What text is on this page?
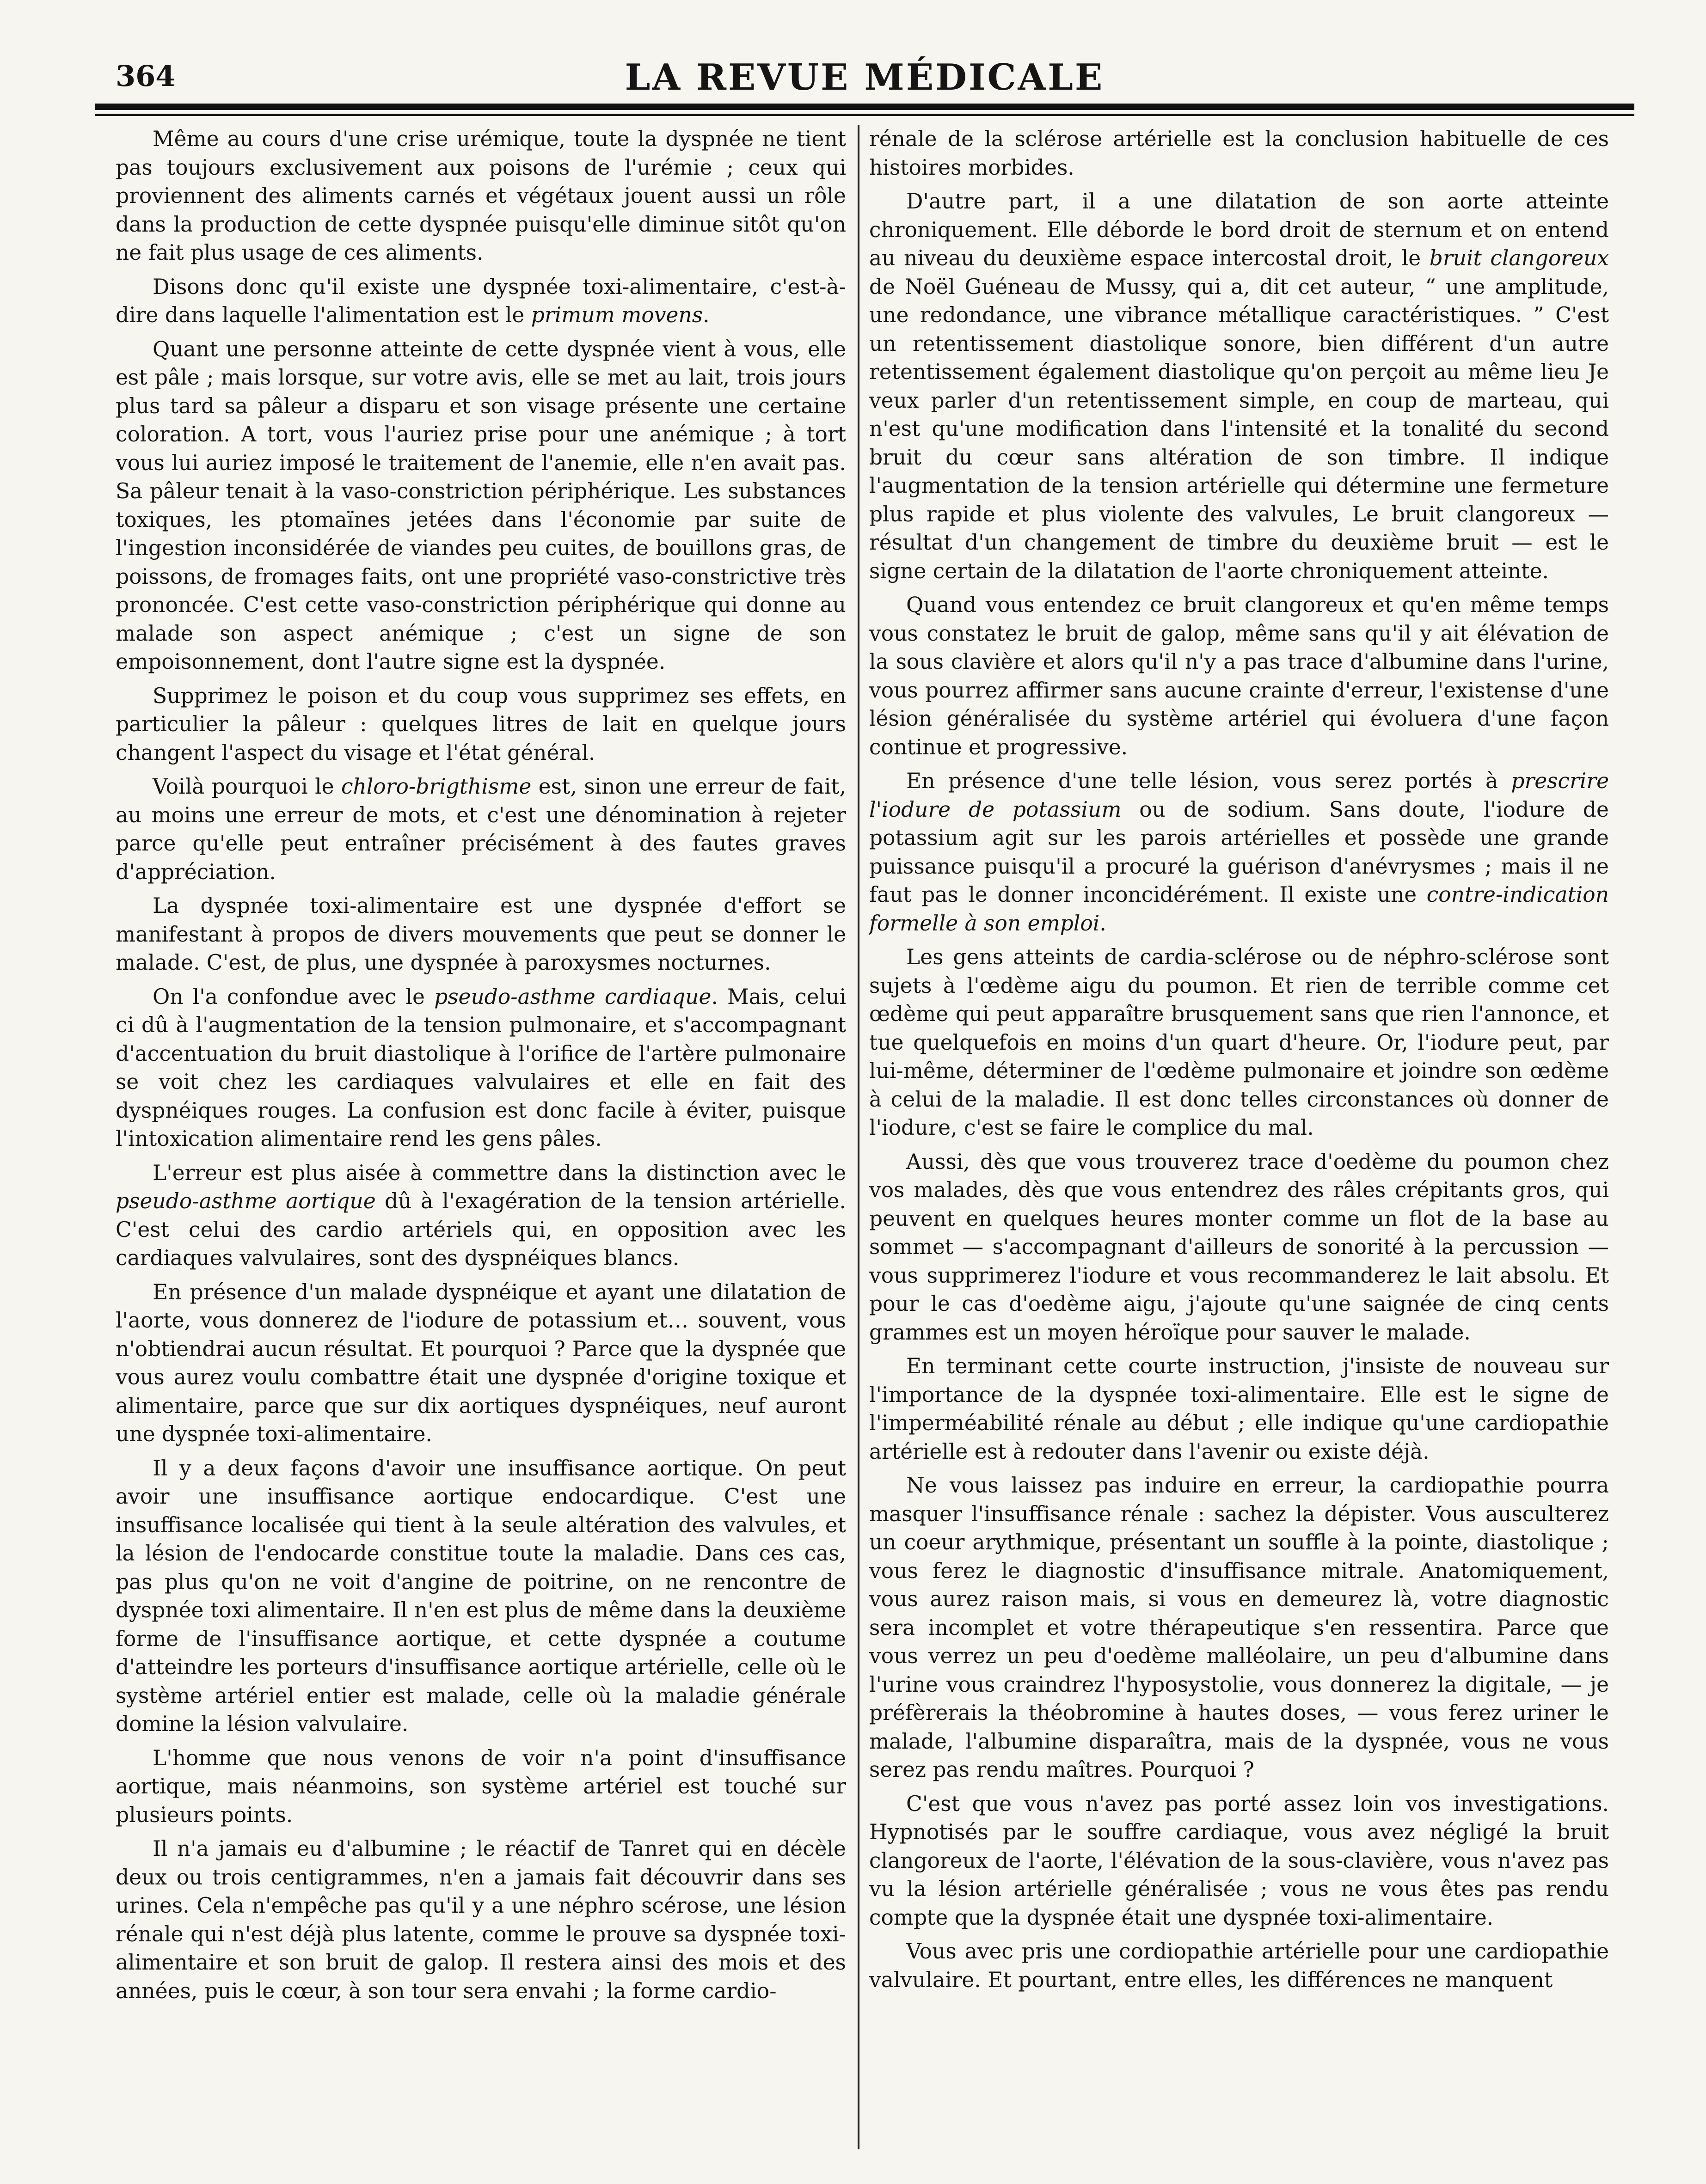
364	LA REVUE MÉDICALE

Même au cours d'une crise urémique, toute la dyspnée ne tient pas toujours exclusivement aux poisons de l'urémie ; ceux qui proviennent des aliments carnés et végétaux jouent aussi un rôle dans la production de cette dyspnée puisqu'elle diminue sitôt qu'on ne fait plus usage de ces aliments.

Disons donc qu'il existe une dyspnée toxi-alimentaire, c'est-à-dire dans laquelle l'alimentation est le primum movens.

Quant une personne atteinte de cette dyspnée vient à vous, elle est pâle ; mais lorsque, sur votre avis, elle se met au lait, trois jours plus tard sa pâleur a disparu et son visage présente une certaine coloration. A tort, vous l'auriez prise pour une anémique ; à tort vous lui auriez imposé le traitement de l'anemie, elle n'en avait pas. Sa pâleur tenait à la vaso-constriction périphérique. Les substances toxiques, les ptomaïnes jetées dans l'économie par suite de l'ingestion inconsidérée de viandes peu cuites, de bouillons gras, de poissons, de fromages faits, ont une propriété vaso-constrictive très prononcée. C'est cette vaso-constriction périphérique qui donne au malade son aspect anémique ; c'est un signe de son empoisonnement, dont l'autre signe est la dyspnée.

Supprimez le poison et du coup vous supprimez ses effets, en particulier la pâleur : quelques litres de lait en quelque jours changent l'aspect du visage et l'état général.

Voilà pourquoi le chloro-brigthisme est, sinon une erreur de fait, au moins une erreur de mots, et c'est une dénomination à rejeter parce qu'elle peut entraîner précisément à des fautes graves d'appréciation.

La dyspnée toxi-alimentaire est une dyspnée d'effort se manifestant à propos de divers mouvements que peut se donner le malade. C'est, de plus, une dyspnée à paroxysmes nocturnes.

On l'a confondue avec le pseudo-asthme cardiaque. Mais, celui ci dû à l'augmentation de la tension pulmonaire, et s'accompagnant d'accentuation du bruit diastolique à l'orifice de l'artère pulmonaire se voit chez les cardiaques valvulaires et elle en fait des dyspnéiques rouges. La confusion est donc facile à éviter, puisque l'intoxication alimentaire rend les gens pâles.

L'erreur est plus aisée à commettre dans la distinction avec le pseudo-asthme aortique dû à l'exagération de la tension artérielle. C'est celui des cardio artériels qui, en opposition avec les cardiaques valvulaires, sont des dyspnéiques blancs.

En présence d'un malade dyspnéique et ayant une dilatation de l'aorte, vous donnerez de l'iodure de potassium et… souvent, vous n'obtiendrai aucun résultat. Et pourquoi ? Parce que la dyspnée que vous aurez voulu combattre était une dyspnée d'origine toxique et alimentaire, parce que sur dix aortiques dyspnéiques, neuf auront une dyspnée toxi-alimentaire.

Il y a deux façons d'avoir une insuffisance aortique. On peut avoir une insuffisance aortique endocardique. C'est une insuffisance localisée qui tient à la seule altération des valvules, et la lésion de l'endocarde constitue toute la maladie. Dans ces cas, pas plus qu'on ne voit d'angine de poitrine, on ne rencontre de dyspnée toxi alimentaire. Il n'en est plus de même dans la deuxième forme de l'insuffisance aortique, et cette dyspnée a coutume d'atteindre les porteurs d'insuffisance aortique artérielle, celle où le système artériel entier est malade, celle où la maladie générale domine la lésion valvulaire.

L'homme que nous venons de voir n'a point d'insuffisance aortique, mais néanmoins, son système artériel est touché sur plusieurs points.

Il n'a jamais eu d'albumine ; le réactif de Tanret qui en décèle deux ou trois centigrammes, n'en a jamais fait découvrir dans ses urines. Cela n'empêche pas qu'il y a une néphro scérose, une lésion rénale qui n'est déjà plus latente, comme le prouve sa dyspnée toxi-alimentaire et son bruit de galop. Il restera ainsi des mois et des années, puis le cœur, à son tour sera envahi ; la forme cardio-

rénale de la sclérose artérielle est la conclusion habituelle de ces histoires morbides.

D'autre part, il a une dilatation de son aorte atteinte chroniquement. Elle déborde le bord droit de sternum et on entend au niveau du deuxième espace intercostal droit, le bruit clangoreux de Noël Guéneau de Mussy, qui a, dit cet auteur, “ une amplitude, une redondance, une vibrance métallique caractéristiques. ” C'est un retentissement diastolique sonore, bien différent d'un autre retentissement également diastolique qu'on perçoit au même lieu Je veux parler d'un retentissement simple, en coup de marteau, qui n'est qu'une modification dans l'intensité et la tonalité du second bruit du cœur sans altération de son timbre. Il indique l'augmentation de la tension artérielle qui détermine une fermeture plus rapide et plus violente des valvules, Le bruit clangoreux — résultat d'un changement de timbre du deuxième bruit — est le signe certain de la dilatation de l'aorte chroniquement atteinte.

Quand vous entendez ce bruit clangoreux et qu'en même temps vous constatez le bruit de galop, même sans qu'il y ait élévation de la sous clavière et alors qu'il n'y a pas trace d'albumine dans l'urine, vous pourrez affirmer sans aucune crainte d'erreur, l'existense d'une lésion généralisée du système artériel qui évoluera d'une façon continue et progressive.

En présence d'une telle lésion, vous serez portés à prescrire l'iodure de potassium ou de sodium. Sans doute, l'iodure de potassium agit sur les parois artérielles et possède une grande puissance puisqu'il a procuré la guérison d'anévrysmes ; mais il ne faut pas le donner inconcidérément. Il existe une contre-indication formelle à son emploi.

Les gens atteints de cardia-sclérose ou de néphro-sclérose sont sujets à l'œdème aigu du poumon. Et rien de terrible comme cet œdème qui peut apparaître brusquement sans que rien l'annonce, et tue quelquefois en moins d'un quart d'heure. Or, l'iodure peut, par lui-même, déterminer de l'œdème pulmonaire et joindre son œdème à celui de la maladie. Il est donc telles circonstances où donner de l'iodure, c'est se faire le complice du mal.

Aussi, dès que vous trouverez trace d'oedème du poumon chez vos malades, dès que vous entendrez des râles crépitants gros, qui peuvent en quelques heures monter comme un flot de la base au sommet — s'accompagnant d'ailleurs de sonorité à la percussion — vous supprimerez l'iodure et vous recommanderez le lait absolu. Et pour le cas d'oedème aigu, j'ajoute qu'une saignée de cinq cents grammes est un moyen héroïque pour sauver le malade.

En terminant cette courte instruction, j'insiste de nouveau sur l'importance de la dyspnée toxi-alimentaire. Elle est le signe de l'imperméabilité rénale au début ; elle indique qu'une cardiopathie artérielle est à redouter dans l'avenir ou existe déjà.

Ne vous laissez pas induire en erreur, la cardiopathie pourra masquer l'insuffisance rénale : sachez la dépister. Vous ausculterez un coeur arythmique, présentant un souffle à la pointe, diastolique ; vous ferez le diagnostic d'insuffisance mitrale. Anatomiquement, vous aurez raison mais, si vous en demeurez là, votre diagnostic sera incomplet et votre thérapeutique s'en ressentira. Parce que vous verrez un peu d'oedème malléolaire, un peu d'albumine dans l'urine vous craindrez l'hyposystolie, vous donnerez la digitale, — je préfèrerais la théobromine à hautes doses, — vous ferez uriner le malade, l'albumine disparaîtra, mais de la dyspnée, vous ne vous serez pas rendu maîtres. Pourquoi ?

C'est que vous n'avez pas porté assez loin vos investigations. Hypnotisés par le souffre cardiaque, vous avez négligé la bruit clangoreux de l'aorte, l'élévation de la sous-clavière, vous n'avez pas vu la lésion artérielle généralisée ; vous ne vous êtes pas rendu compte que la dyspnée était une dyspnée toxi-alimentaire.

Vous avec pris une cordiopathie artérielle pour une cardiopathie valvulaire. Et pourtant, entre elles, les différences ne manquent
